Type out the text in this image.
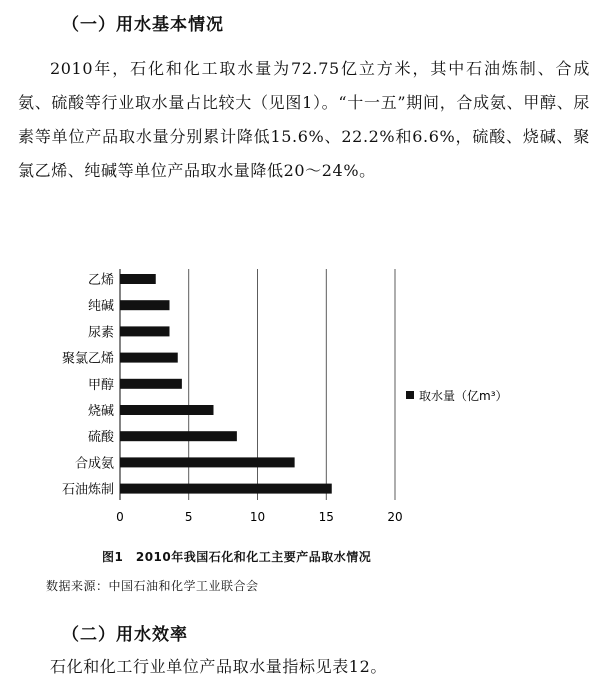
（一）用水基本情况

2010年，石化和化工取水量为72.75亿立方米，其中石油炼制、合成氨、硫酸等行业取水量占比较大（见图1）。“十一五”期间，合成氨、甲醇、尿素等单位产品取水量分别累计降低15.6%、22.2%和6.6%，硫酸、烧碱、聚氯乙烯、纯碱等单位产品取水量降低20～24%。

乙烯
纯碱
尿素
聚氯乙烯
甲醇
烧碱
硫酸
合成氨
石油炼制
0	5	10	15	20
取水量（亿m³）
图1　2010年我国石化和化工主要产品取水情况
数据来源：中国石油和化学工业联合会
（二）用水效率

石化和化工行业单位产品取水量指标见表12。
